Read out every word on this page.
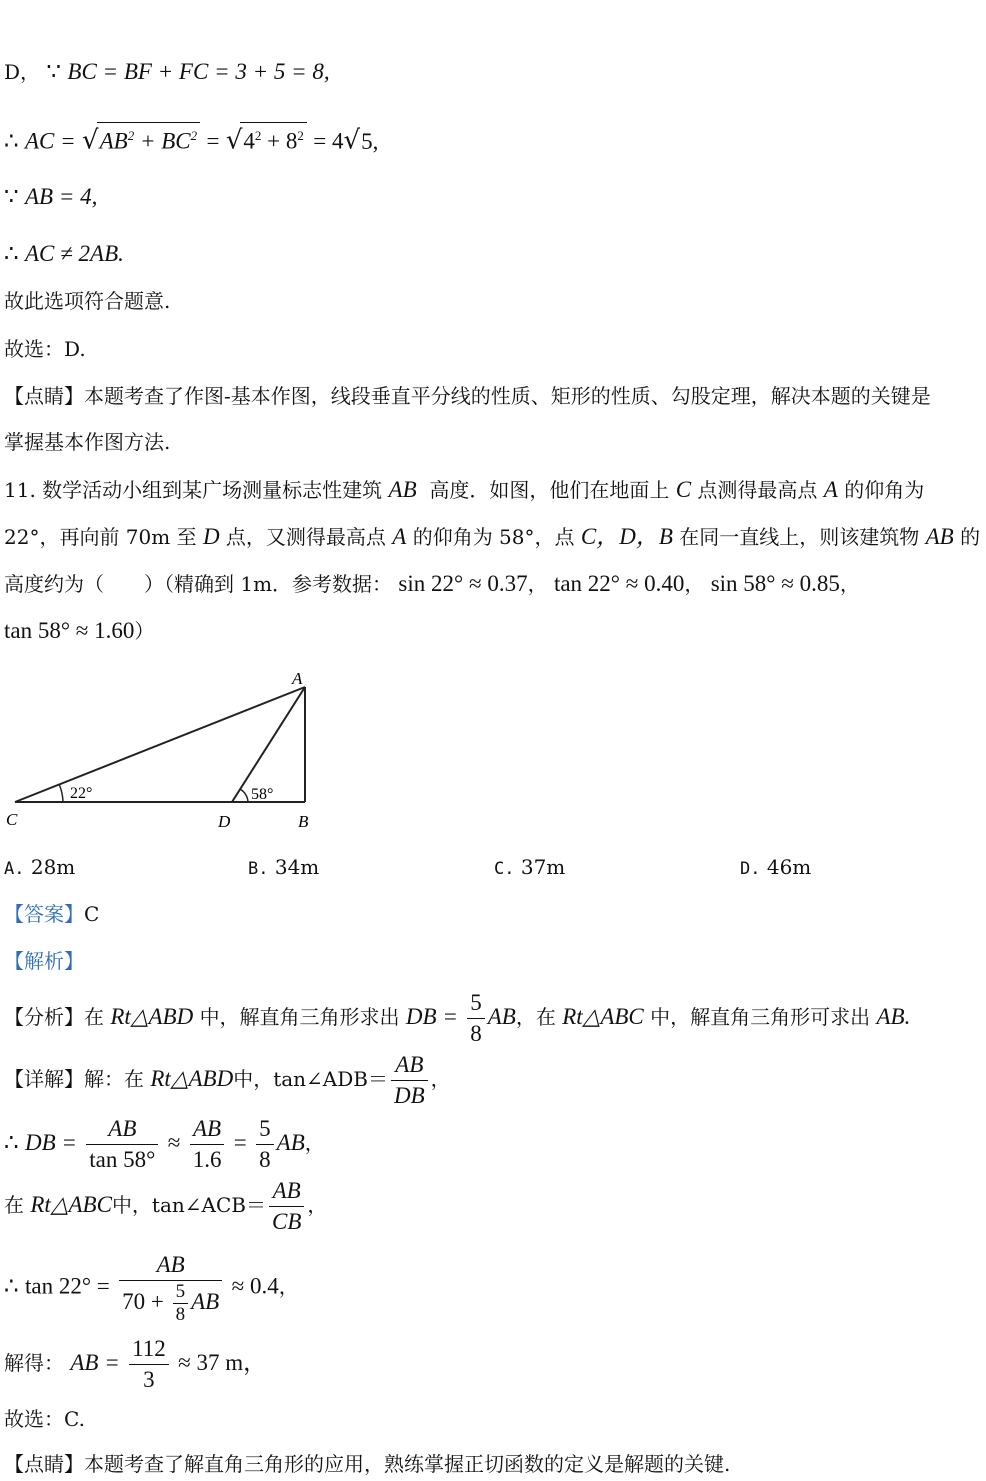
D， ∵ BC = BF + FC = 3 + 5 = 8,
∴ AC = $√AB^2 + BC^2 = √4^2 + 8^2 = 4√5$,
∵ AB = 4,
∴ AC ≠ 2AB.
故此选项符合题意.
故选：D.
【点睛】本题考查了作图-基本作图，线段垂直平分线的性质、矩形的性质、勾股定理，解决本题的关键是
掌握基本作图方法.
11. 数学活动小组到某广场测量标志性建筑 AB 高度．如图，他们在地面上 C 点测得最高点 A 的仰角为
22°，再向前 70m 至 D 点，又测得最高点 A 的仰角为 58°，点 C，D，B 在同一直线上，则该建筑物 AB 的
高度约为（　　）（精确到 1m．参考数据： sin 22° ≈ 0.37， tan 22° ≈ 0.40， sin 58° ≈ 0.85，
tan 58° ≈ 1.60）
A
B
C	D
22°	58°
A. 28m	B. 34m	C. 37m	D. 46m
【答案】C
【解析】
【分析】在 Rt△ABD 中，解直角三角形求出 DB = $\frac{5}{8}$ AB，在 Rt△ABC 中，解直角三角形可求出 AB.
【详解】解：在 Rt△ABD中，tan∠ADB＝ $\frac{AB}{DB}$ ，
∴ DB = $\frac{AB}{\tan 58^\circ} \approx \frac{AB}{1.6} = \frac{5}{8}$ AB，
在 Rt△ABC中，tan∠ACB＝ $\frac{AB}{CB}$ ，
∴ $\tan 22^\circ = \frac{AB}{70 + \frac{5}{8} AB} \approx 0.4$，
解得： AB = $\frac{112}{3} \approx 37$ m，
故选：C.
【点睛】本题考查了解直角三角形的应用，熟练掌握正切函数的定义是解题的关键.
